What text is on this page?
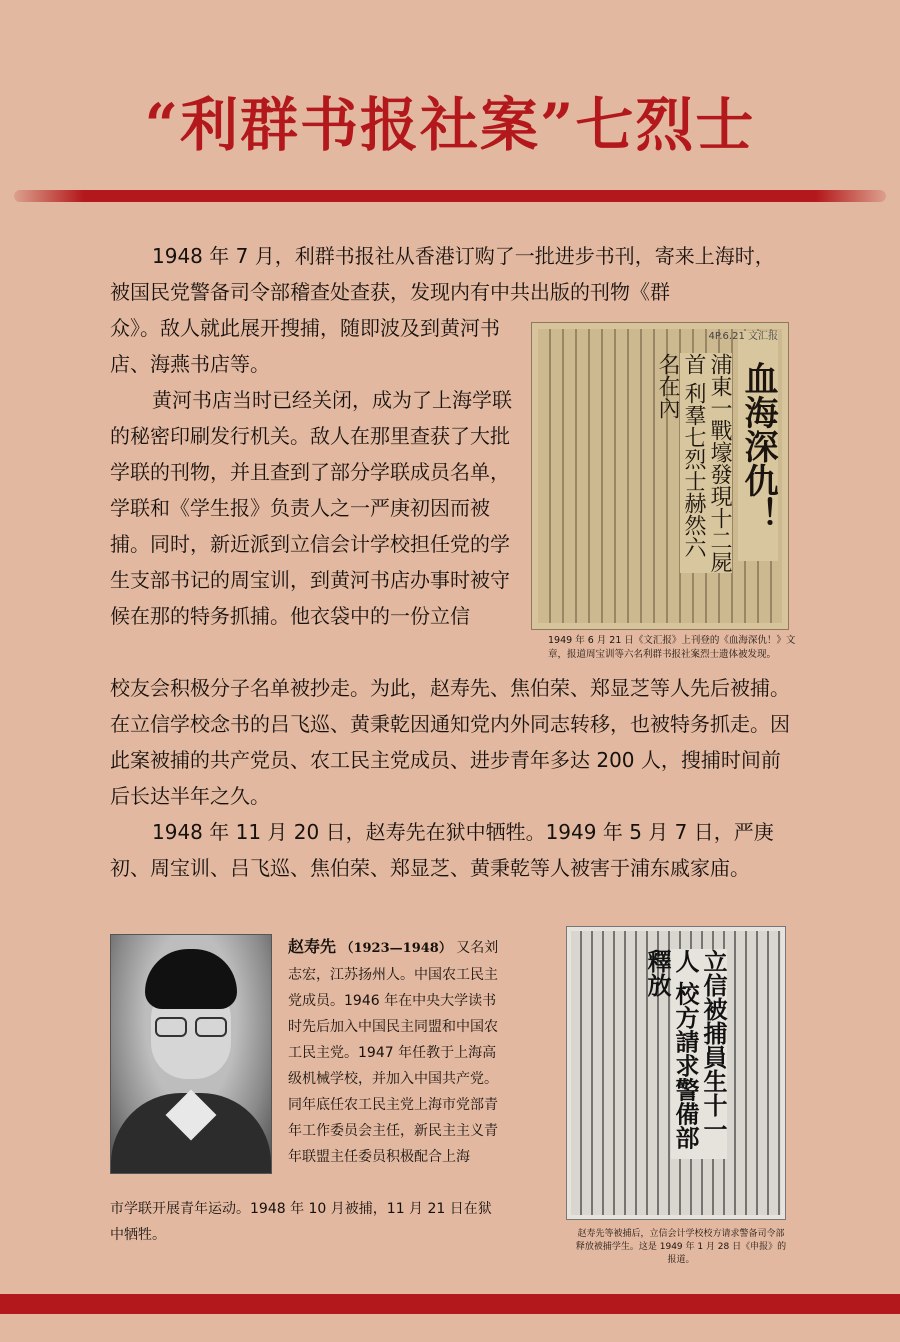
“利群书报社案”七烈士

1948 年 7 月，利群书报社从香港订购了一批进步书刊，寄来上海时，被国民党警备司令部稽查处查获，发现内有中共出版的刊物《群

众》。敌人就此展开搜捕，随即波及到黄河书店、海燕书店等。

黄河书店当时已经关闭，成为了上海学联的秘密印刷发行机关。敌人在那里查获了大批学联的刊物，并且查到了部分学联成员名单，学联和《学生报》负责人之一严庚初因而被捕。同时，新近派到立信会计学校担任党的学生支部书记的周宝训，到黄河书店办事时被守候在那的特务抓捕。他衣袋中的一份立信

校友会积极分子名单被抄走。为此，赵寿先、焦伯荣、郑显芝等人先后被捕。在立信学校念书的吕飞巡、黄秉乾因通知党内外同志转移，也被特务抓走。因此案被捕的共产党员、农工民主党成员、进步青年多达 200 人，搜捕时间前后长达半年之久。

1948 年 11 月 20 日，赵寿先在狱中牺牲。1949 年 5 月 7 日，严庚初、周宝训、吕飞巡、焦伯荣、郑显芝、黄秉乾等人被害于浦东戚家庙。

血海深仇！
浦東一戰壕發現十二屍首 利羣七烈士赫然六名在內
4P.6.21 文汇报
1949 年 6 月 21 日《文汇报》上刊登的《血海深仇！》文章，报道周宝训等六名利群书报社案烈士遗体被发现。

赵寿先 （1923—1948） 又名刘志宏，江苏扬州人。中国农工民主党成员。1946 年在中央大学读书时先后加入中国民主同盟和中国农工民主党。1947 年任教于上海高级机械学校，并加入中国共产党。同年底任农工民主党上海市党部青年工作委员会主任，新民主主义青年联盟主任委员积极配合上海

市学联开展青年运动。1948 年 10 月被捕，11 月 21 日在狱中牺牲。

立信被捕員生十一人 校方請求警備部釋放
赵寿先等被捕后，立信会计学校校方请求警备司令部释放被捕学生。这是 1949 年 1 月 28 日《申报》的报道。
